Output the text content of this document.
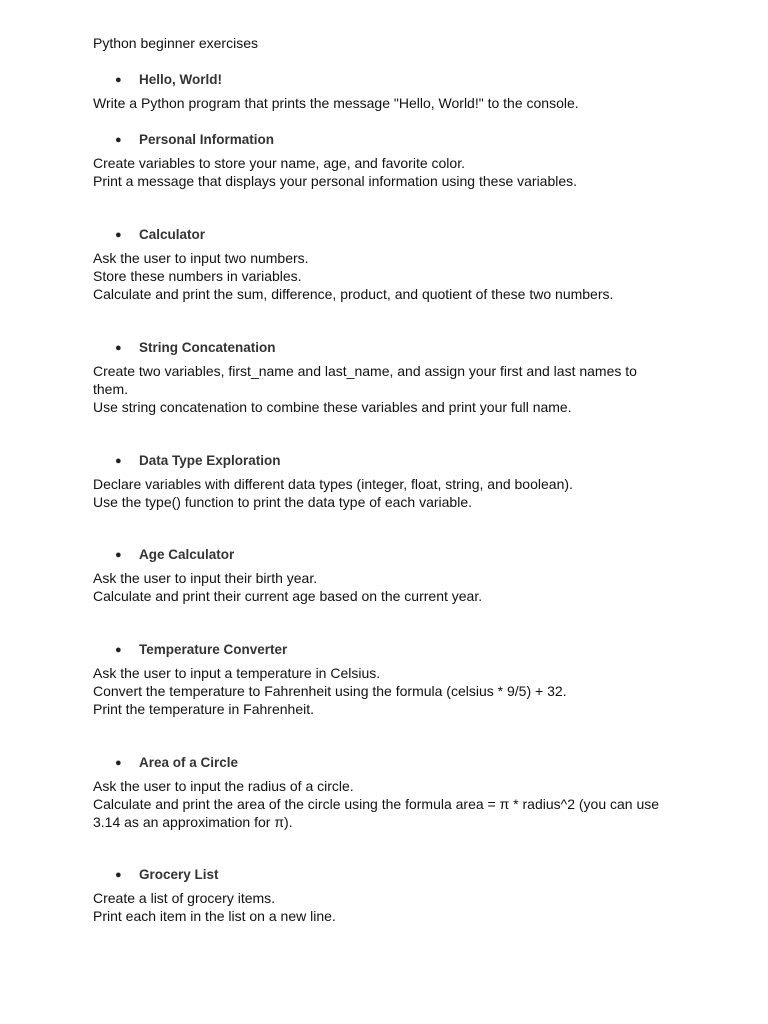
Python beginner exercises
● Hello, World!
Write a Python program that prints the message "Hello, World!" to the console.
● Personal Information
Create variables to store your name, age, and favorite color.
Print a message that displays your personal information using these variables.
● Calculator
Ask the user to input two numbers.
Store these numbers in variables.
Calculate and print the sum, difference, product, and quotient of these two numbers.
● String Concatenation
Create two variables, first_name and last_name, and assign your first and last names to them.
Use string concatenation to combine these variables and print your full name.
● Data Type Exploration
Declare variables with different data types (integer, float, string, and boolean).
Use the type() function to print the data type of each variable.
● Age Calculator
Ask the user to input their birth year.
Calculate and print their current age based on the current year.
● Temperature Converter
Ask the user to input a temperature in Celsius.
Convert the temperature to Fahrenheit using the formula (celsius * 9/5) + 32.
Print the temperature in Fahrenheit.
● Area of a Circle
Ask the user to input the radius of a circle.
Calculate and print the area of the circle using the formula area = π * radius^2 (you can use 3.14 as an approximation for π).
● Grocery List
Create a list of grocery items.
Print each item in the list on a new line.
